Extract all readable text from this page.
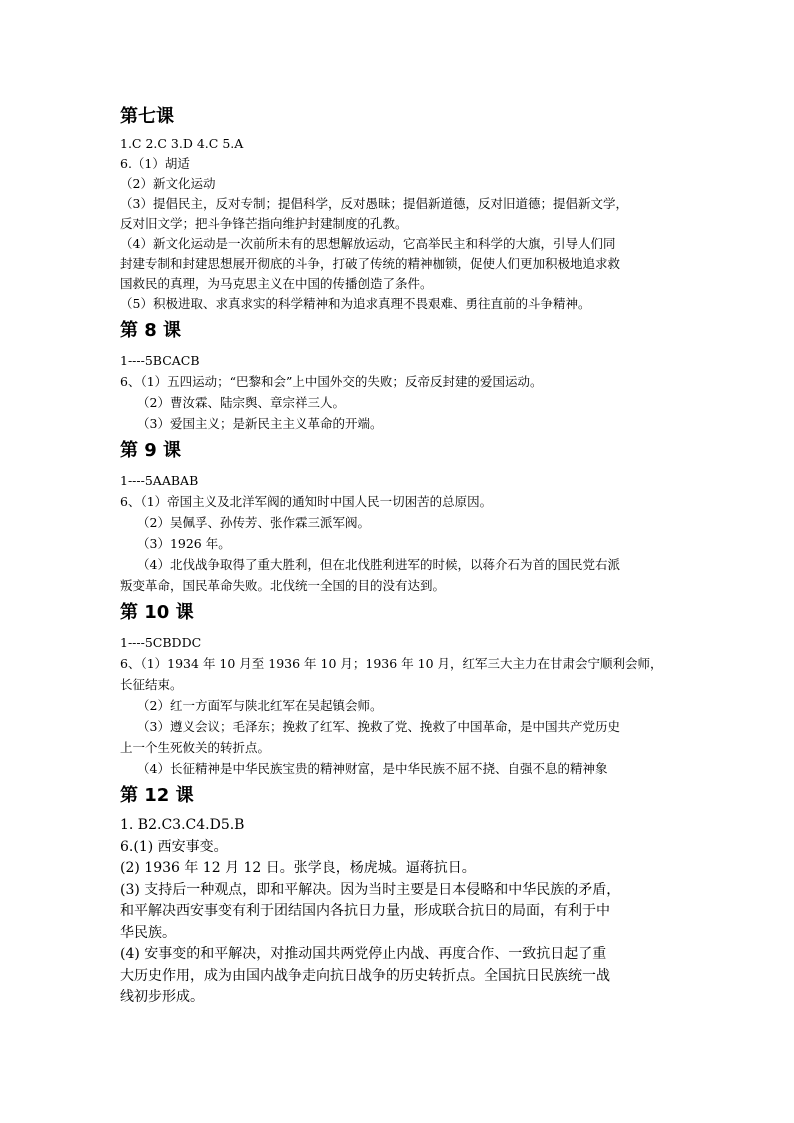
第七课

1.C 2.C 3.D 4.C 5.A

6.（1）胡适

（2）新文化运动

（3）提倡民主，反对专制；提倡科学，反对愚昧；提倡新道德，反对旧道德；提倡新文学，

反对旧文学；把斗争锋芒指向维护封建制度的孔教。

（4）新文化运动是一次前所未有的思想解放运动，它高举民主和科学的大旗，引导人们同

封建专制和封建思想展开彻底的斗争，打破了传统的精神枷锁，促使人们更加积极地追求救

国救民的真理，为马克思主义在中国的传播创造了条件。

（5）积极进取、求真求实的科学精神和为追求真理不畏艰难、勇往直前的斗争精神。

第 8 课

1----5BCACB

6、（1）五四运动；“巴黎和会”上中国外交的失败；反帝反封建的爱国运动。

（2）曹汝霖、陆宗舆、章宗祥三人。

（3）爱国主义；是新民主主义革命的开端。

第 9 课

1----5AABAB

6、（1）帝国主义及北洋军阀的通知时中国人民一切困苦的总原因。

（2）吴佩孚、孙传芳、张作霖三派军阀。

（3）1926 年。

（4）北伐战争取得了重大胜利，但在北伐胜利进军的时候，以蒋介石为首的国民党右派

叛变革命，国民革命失败。北伐统一全国的目的没有达到。

第 10 课

1----5CBDDC

6、（1）1934 年 10 月至 1936 年 10 月；1936 年 10 月，红军三大主力在甘肃会宁顺利会师，

长征结束。

（2）红一方面军与陕北红军在吴起镇会师。

（3）遵义会议；毛泽东；挽救了红军、挽救了党、挽救了中国革命，是中国共产党历史

上一个生死攸关的转折点。

（4）长征精神是中华民族宝贵的精神财富，是中华民族不屈不挠、自强不息的精神象

第 12 课

1. B2.C3.C4.D5.B

6.(1) 西安事变。

(2) 1936 年 12 月 12 日。张学良，杨虎城。逼蒋抗日。

(3) 支持后一种观点，即和平解决。因为当时主要是日本侵略和中华民族的矛盾，

和平解决西安事变有利于团结国内各抗日力量，形成联合抗日的局面，有利于中

华民族。

(4) 安事变的和平解决，对推动国共两党停止内战、再度合作、一致抗日起了重

大历史作用，成为由国内战争走向抗日战争的历史转折点。全国抗日民族统一战

线初步形成。
